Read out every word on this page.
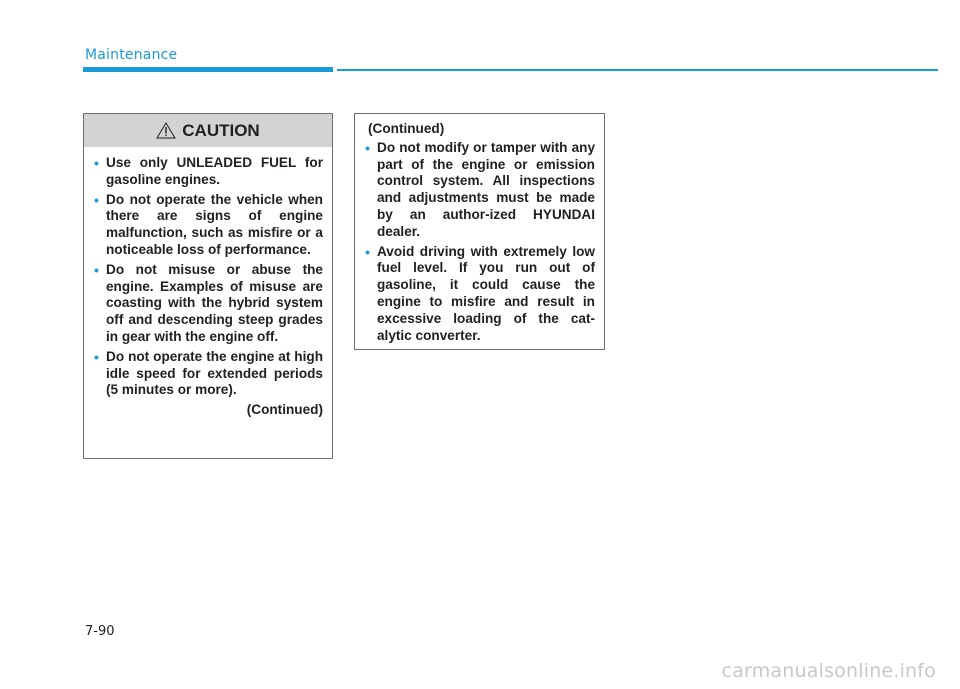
Maintenance
CAUTION
• Use only UNLEADED FUEL for gasoline engines.
• Do not operate the vehicle when there are signs of engine malfunction, such as misfire or a noticeable loss of performance.
• Do not misuse or abuse the engine. Examples of misuse are coasting with the hybrid system off and descending steep grades in gear with the engine off.
• Do not operate the engine at high idle speed for extended periods (5 minutes or more).
(Continued)
(Continued)
• Do not modify or tamper with any part of the engine or emission control system. All inspections and adjustments must be made by an author-ized HYUNDAI dealer.
• Avoid driving with extremely low fuel level. If you run out of gasoline, it could cause the engine to misfire and result in excessive loading of the cat-alytic converter.
7-90
carmanualsonline.info
